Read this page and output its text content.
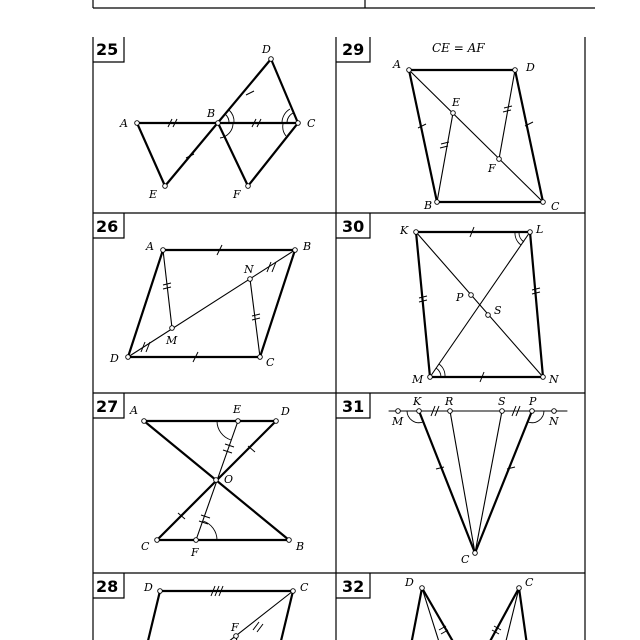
25
26
27
28
29
30
31
32
A
B
C
D
E	F
A	B
C
D
M
N
A
B
C
D
E
F
O
D	C
F
CE = AF
A
B	C
D
E
F
K	L
M	N
P
S
K R	S P
M	N
C
D	C
